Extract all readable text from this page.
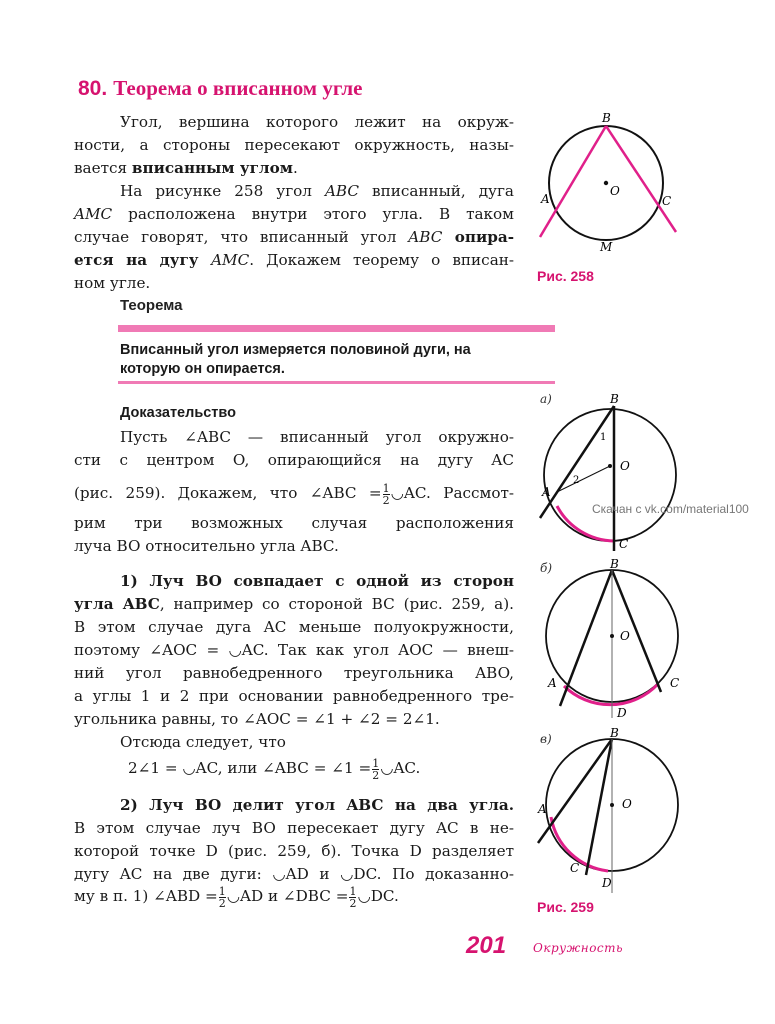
80. Теорема о вписанном угле
Угол, вершина которого лежит на окруж-
ности, а стороны пересекают окружность, назы-
вается вписанным углом.
На рисунке 258 угол ABC вписанный, дуга
AMC расположена внутри этого угла. В таком
случае говорят, что вписанный угол ABC опира-
ется на дугу AMC. Докажем теорему о вписан-
ном угле.
Теорема
Вписанный угол измеряется половиной дуги, на
которую он опирается.
Доказательство
Пусть ∠ABC — вписанный угол окружно-
сти с центром O, опирающийся на дугу AC
(рис. 259). Докажем, что ∠ABC = $\frac{1}{2}$ ◡AC. Рассмот-
рим три возможных случая расположения
луча BO относительно угла ABC.
1) Луч BO совпадает с одной из сторон
угла ABC, например со стороной BC (рис. 259, а).
В этом случае дуга AC меньше полуокружности,
поэтому ∠AOC = ◡AC. Так как угол AOC — внеш-
ний угол равнобедренного треугольника ABO,
а углы 1 и 2 при основании равнобедренного тре-
угольника равны, то ∠AOC = ∠1 + ∠2 = 2∠1.
Отсюда следует, что
2∠1 = ◡AC, или ∠ABC = ∠1 = $\frac{1}{2}$ ◡AC.
2) Луч BO делит угол ABC на два угла.
В этом случае луч BO пересекает дугу AC в не-
которой точке D (рис. 259, б). Точка D разделяет
дугу AC на две дуги: ◡AD и ◡DC. По доказанно-
му в п. 1) ∠ABD = $\frac{1}{2}$ ◡AD и ∠DBC = $\frac{1}{2}$ ◡DC.
B
A	C
O
M
Рис. 258
а)	B
A
C
O
1
2
б)	B
A	C
O
D
в)	B
A
C
O
D
Рис. 259
Скачан с vk.com/material100
201 Окружность
